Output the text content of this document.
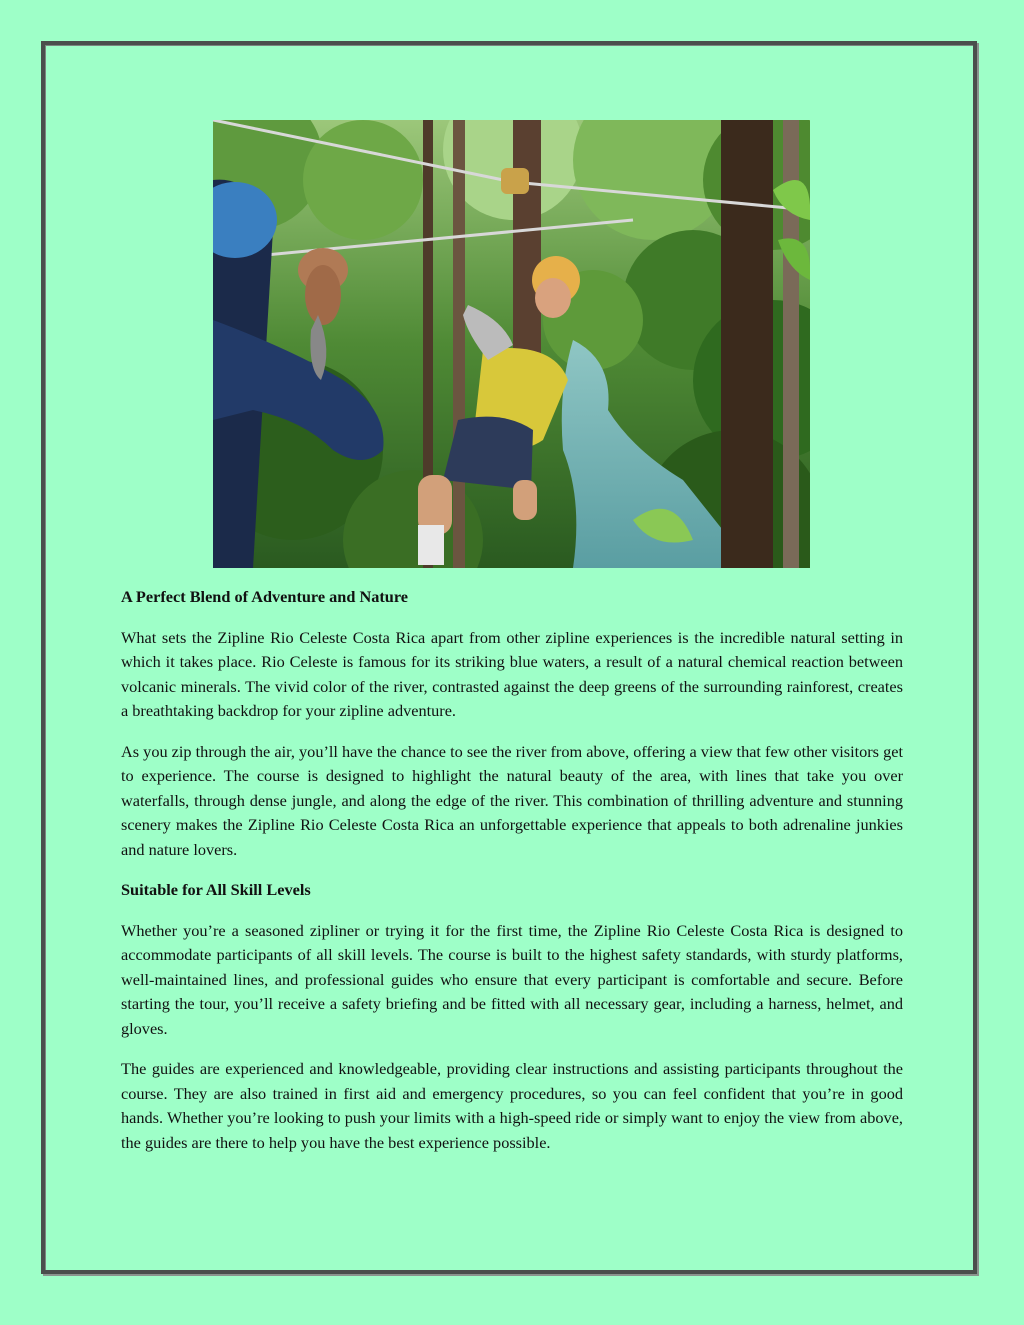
A Perfect Blend of Adventure and Nature

What sets the Zipline Rio Celeste Costa Rica apart from other zipline experiences is the incredible natural setting in which it takes place. Rio Celeste is famous for its striking blue waters, a result of a natural chemical reaction between volcanic minerals. The vivid color of the river, contrasted against the deep greens of the surrounding rainforest, creates a breathtaking backdrop for your zipline adventure.

As you zip through the air, you’ll have the chance to see the river from above, offering a view that few other visitors get to experience. The course is designed to highlight the natural beauty of the area, with lines that take you over waterfalls, through dense jungle, and along the edge of the river. This combination of thrilling adventure and stunning scenery makes the Zipline Rio Celeste Costa Rica an unforgettable experience that appeals to both adrenaline junkies and nature lovers.

Suitable for All Skill Levels

Whether you’re a seasoned zipliner or trying it for the first time, the Zipline Rio Celeste Costa Rica is designed to accommodate participants of all skill levels. The course is built to the highest safety standards, with sturdy platforms, well-maintained lines, and professional guides who ensure that every participant is comfortable and secure. Before starting the tour, you’ll receive a safety briefing and be fitted with all necessary gear, including a harness, helmet, and gloves.

The guides are experienced and knowledgeable, providing clear instructions and assisting participants throughout the course. They are also trained in first aid and emergency procedures, so you can feel confident that you’re in good hands. Whether you’re looking to push your limits with a high-speed ride or simply want to enjoy the view from above, the guides are there to help you have the best experience possible.
